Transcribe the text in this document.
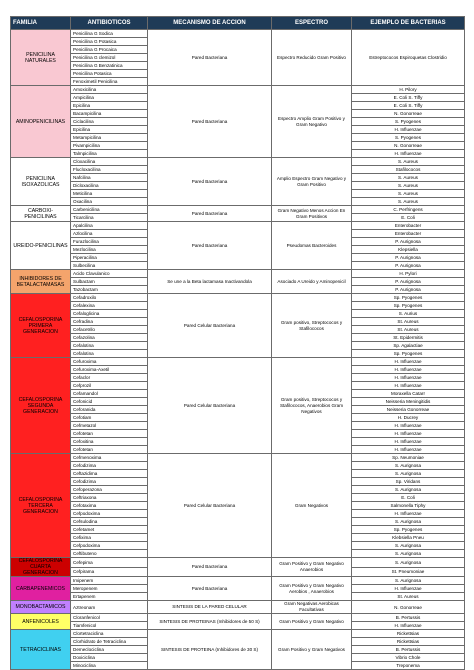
FAMILIA	ANTIBIOTICOS	MECANISMO DE ACCION	ESPECTRO	EJEMPLO DE BACTERIAS
PENICILINA NATURALES	Penicilina G Sodica	Pared Bacteriana	Espectro Reducido Gram Positivo	Estreptococos Espiroquetas Clostridio
	Penicilina G Potasica			
	Penicilina G Procaica			
	Penicilina G clemizol			
	Penicilina G Benzatinica			
	Penicilina Potasica			
	Fenoximetil Penicilina			
AMINOPENICILINAS	Amoxicilina	Pared Bacteriana	Espectro Amplio Gram Positivo y Gram Negativo	H. Pilory
	Ampicilina			E. Coli S. Tiffy
	Epicilina			E. Coli S. Tiffy
	Bacampicilina			N. Gonorreae
	Ciclacilina			S. Pyogenes
	Epicilina			H. Influenzae
	Metampicilina			S. Pyogenes
	Pivampicilina			N. Gonorreae
	Talmpicilina			H. Influenzae
PENICILINA ISOXAZOLICAS	Cloxacilina	Pared Bacteriana	Amplio Espectro Gram Negativo y Gram Positivo	S. Aureus
	Flucloxacilina			Stafilococos
	Nafcilina			S. Aureus
	Dicloxacilina			S. Aureus
	Meticilina			S. Aureus
	Oxacilina			S. Aureus
CARBOXI-PENICILINAS	Carbenicilina	Pared Bacteriana	Gram Negativo Menos Accion En Gram Positivos	C. Perfringens
	Ticarcilina			E. Coli
UREIDO-PENICILINAS	Apalcilina	Pared Bacteriana	Pseudomas Bacteroides	Enterobacter
	Azlocilina			Enterobacter
	Furazlocilina			P. Aurignosa
	Mezlocilina			Klepsiella
	Piperacilina			P. Aurignosa
	Sulbecilina			P. Aurignosa
INHIBIDORES DE BETALACTAMASAS	Acido Clavulanico	Se une a la Beta lactamasa Inactivandola	Asociado A Ureido y Aminopenicil	H. Pylori
	Sulbactam			P. Aurignosa
	Tazobactam			P. Aurignosa
CEFALOSPORINA PRIMERA GENERACION	Cefadroxilo	Pared Celular Bacteriana	Gram positivo, Streptococos y Stafilococos	Sp. Pyogenes
	Cefalexina			Sp. Pyogenes
	Cefaloglicina			S. Aurius
	Cefradina			St. Aureus
	Cefacetrilo			St. Aureus
	Cefazolina			St. Epidermitis
	Cefalotina			Sp. Agalactiae
	Cefalotina			Sp. Pyogenes
CEFALOSPORINA SEGUNDA GENERACION	Cefuroxima	Pared Celular Bacteriana	Gram positivo, Streptococos y Stafilococos, Anaerobios Gram Negativos	H. Influenzae
	Cefuroxima-Axetil			H. Influenzae
	Cefaclor			H. Influenzae
	Cefprozil			H. Influenzae
	Cefamandol			Moraxella Catarr
	Cefonicid			Neisseria Meningitidis
	Ceforanida			Neisseria Gonorreae
	Cefotiam			H. Ducrey
	Cefmetazol			H. Influenzae
	Cefotetan			H. Influenzae
	Cefoxitina			H. Influenzae
	Cefotetan			H. Influenzae
CEFALOSPORINA TERCERA GENERACION	Cefmenoxima	Pared Celular Bacteriana	Gram Negativos	Sp. Neumoniae
	Cefodizima			S. Aurignosa
	Ceftazidima			S. Aurignosa
	Cefodizima			Sp. Viridans
	Cefoperazona			S. Aurignosa
	Ceftriaxona			E. Coli
	Cefotaxima			Salmonella Tiphy
	Cefpodoxima			H. Influenzae
	Cefsulodina			S. Aurignosa
	Cefetamet			Sp. Pyogenes
	Cefixima			Klebsiella Pneu
	Cefpodoxima			S. Aurignosa
	Ceftibuteno			S. Aurignosa
CEFALOSPORINA CUARTA GENERACION	Cefepima	Pared Bacteriana	Gram Positivo y Gram Negativo Anaerobios	S. Aurignosa
	Cefpirama			St. Pneumoniae
CARBAPENEMICOS	Imipenem	Pared Bacteriana	Gram Positivo y Gram Negativo Aerobios , Anaerobios	S. Aurignosa
	Meropenem			H. Influenzae
	Ertapenem			St. Aureus
MONOBACTAMICOS	Aztreonam	SINTESIS DE LA PARED CELULAR	Gram Negativas Aerobicas Facultativas	N. Gonorreae
ANFENICOLES	Cloranfenicol	SINTESIS DE PROTEINAS (Inhibidores de 50 S)	Gram Positivo y Gram Negativo	B. Pertussis
	Tiamfenicol			H. Influenzae
TETRACICLINAS	Clortetraciclina	SINTESIS DE PROTEINA (Inhibidores de 30 S)	Gram Positivo y Gram Negativos	Rickettsias
	Clorhidrato de Tetraciclina			Rickettsias
	Demeclociclina			B. Pertussis
	Doxiciclina			Vibrio Chole
	Minociclina			Treponema
